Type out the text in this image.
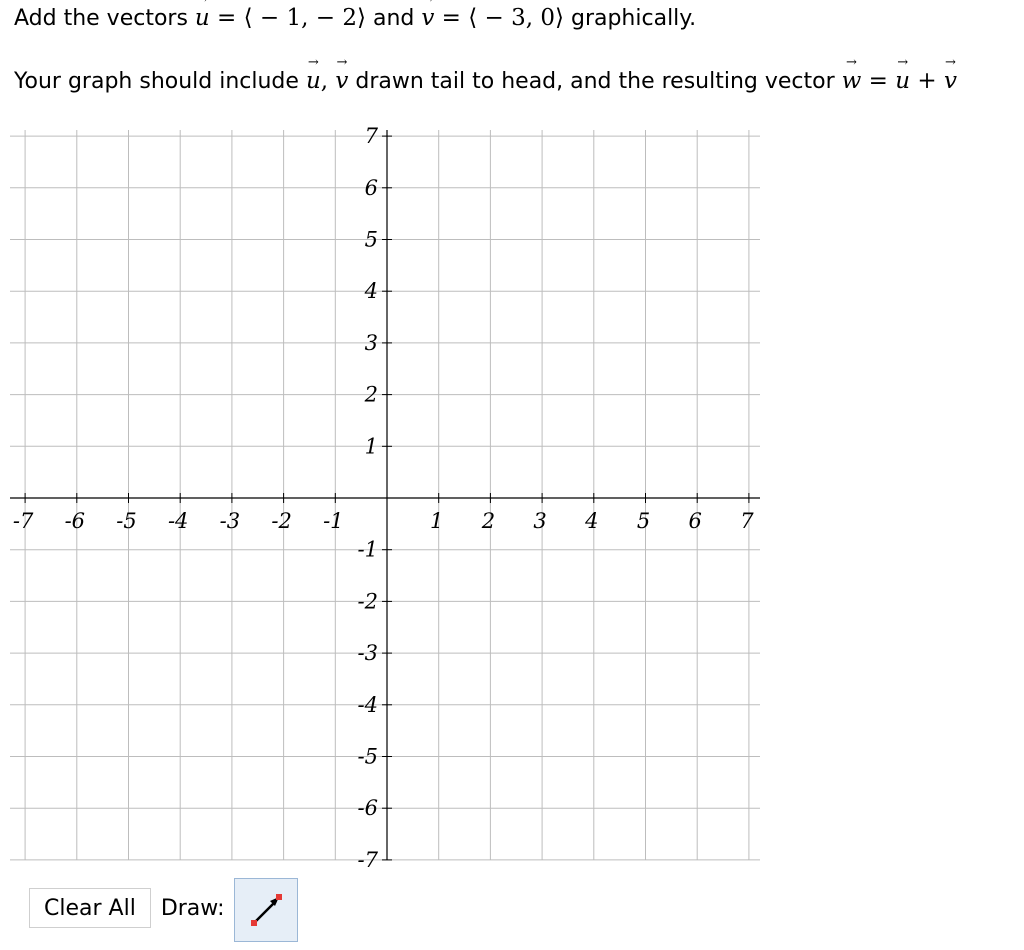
Add the vectors → u = ⟨ − 1, − 2⟩ and → v = ⟨ − 3, 0⟩ graphically.
Your graph should include → u, → v drawn tail to head, and the resulting vector → w = → u + → v
-7 -6 -5 -4 -3 -2 -1	1 2 3 4 5 6 7
7
6
5
4
3
2
1
-1
-2
-3
-4
-5
-6
-7
Clear All	Draw:
